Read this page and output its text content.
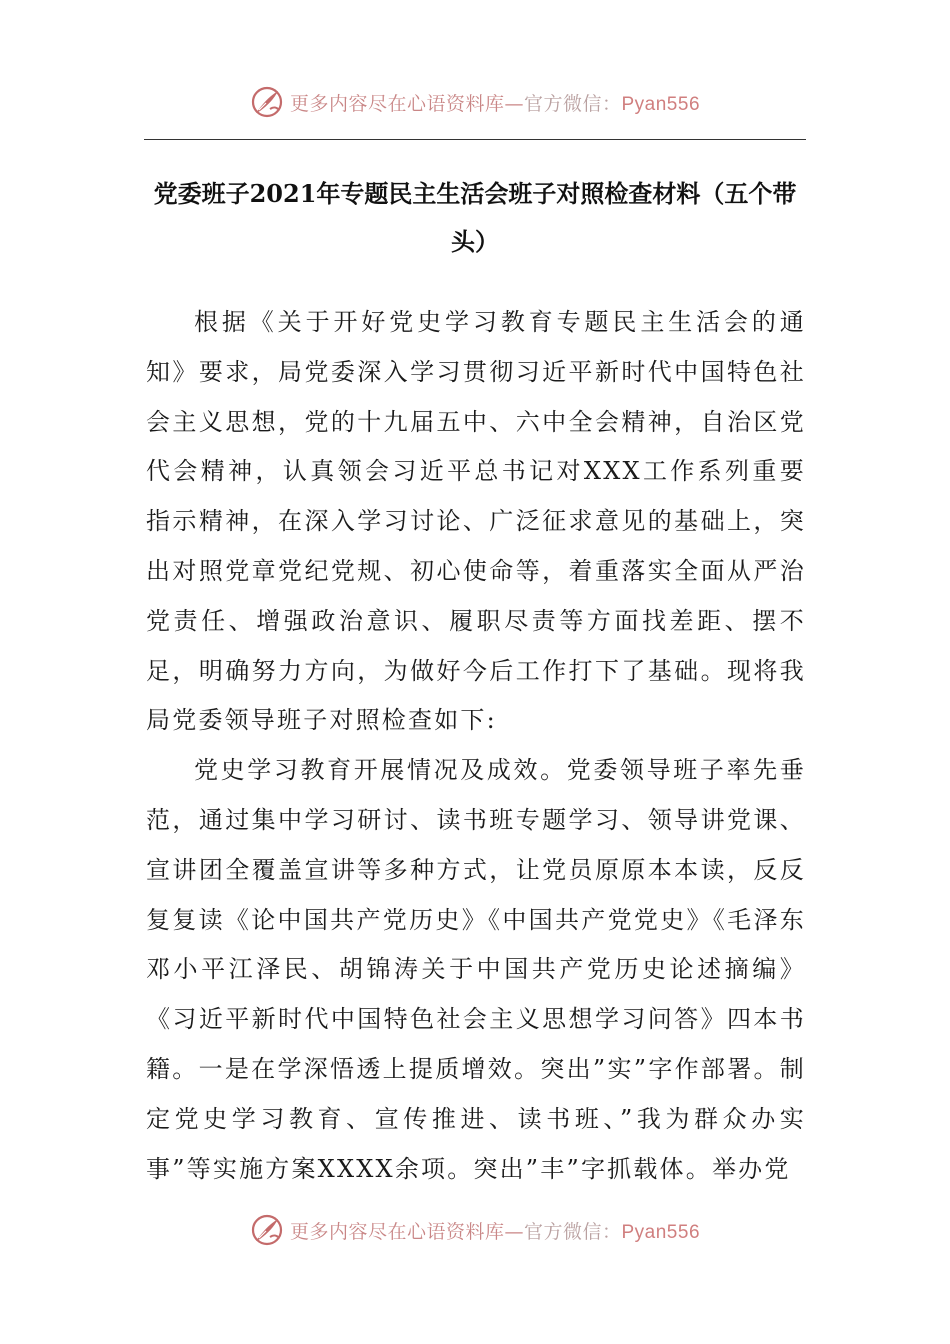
更多内容尽在心语资料库—官方微信：Pyan556
党委班子2021年专题民主生活会班子对照检查材料（五个带头）

根据《关于开好党史学习教育专题民主生活会的通知》要求，局党委深入学习贯彻习近平新时代中国特色社会主义思想，党的十九届五中、六中全会精神，自治区党代会精神，认真领会习近平总书记对XXX工作系列重要指示精神，在深入学习讨论、广泛征求意见的基础上，突出对照党章党纪党规、初心使命等，着重落实全面从严治党责任、增强政治意识、履职尽责等方面找差距、摆不足，明确努力方向，为做好今后工作打下了基础。现将我局党委领导班子对照检查如下:

党史学习教育开展情况及成效。党委领导班子率先垂范，通过集中学习研讨、读书班专题学习、领导讲党课、宣讲团全覆盖宣讲等多种方式，让党员原原本本读，反反复复读《论中国共产党历史》《中国共产党党史》《毛泽东邓小平江泽民、胡锦涛关于中国共产党历史论述摘编》《习近平新时代中国特色社会主义思想学习问答》四本书籍。一是在学深悟透上提质增效。突出”实”字作部署。制定党史学习教育、宣传推进、读书班、”我为群众办实事”等实施方案XXXX余项。突出”丰”字抓载体。举办党

更多内容尽在心语资料库—官方微信：Pyan556
